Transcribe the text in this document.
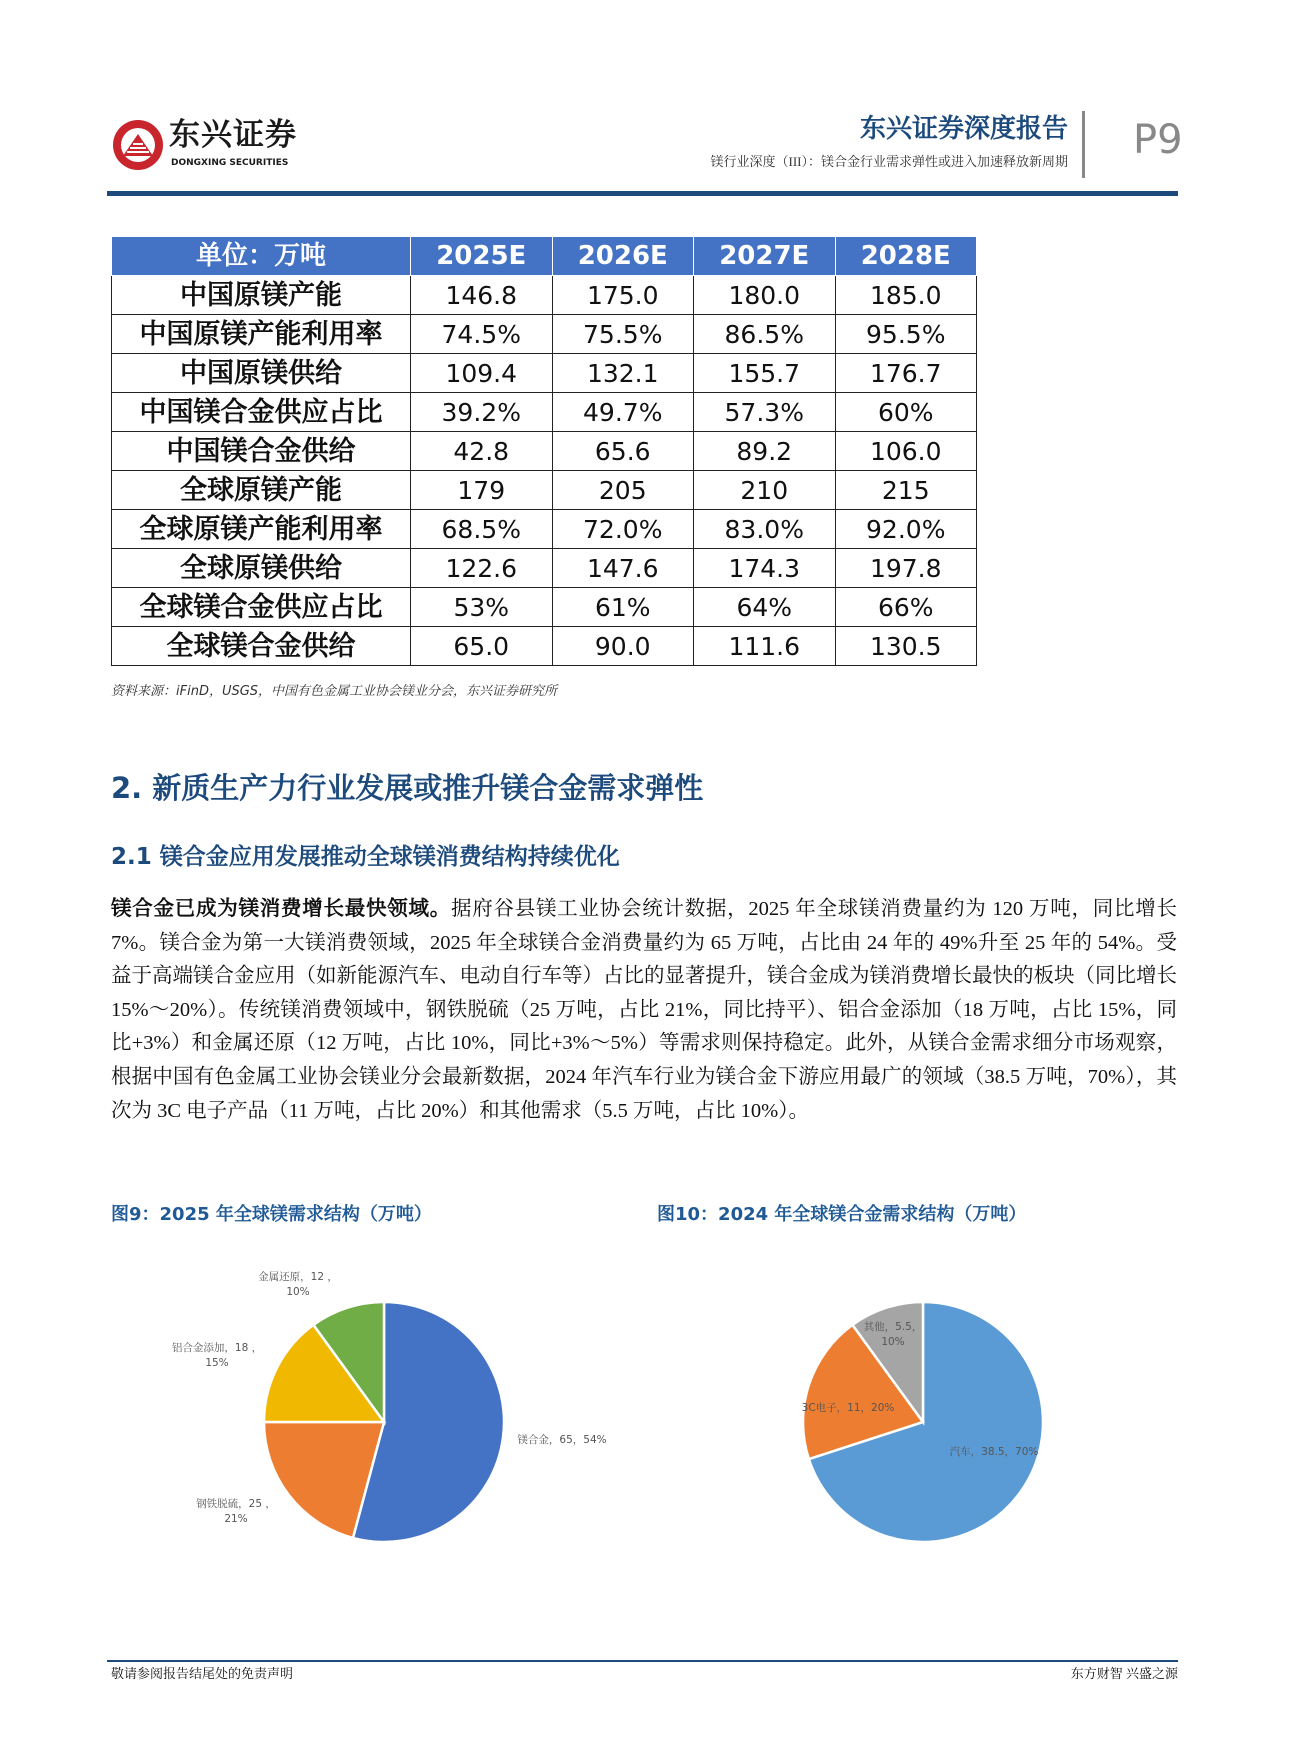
东兴证券
DONGXING SECURITIES
东兴证券深度报告
镁行业深度（III）：镁合金行业需求弹性或进入加速释放新周期 P9
单位：万吨	2025E	2026E	2027E	2028E
中国原镁产能	146.8	175.0	180.0	185.0
中国原镁产能利用率	74.5%	75.5%	86.5%	95.5%
中国原镁供给	109.4	132.1	155.7	176.7
中国镁合金供应占比	39.2%	49.7%	57.3%	60%
中国镁合金供给	42.8	65.6	89.2	106.0
全球原镁产能	179	205	210	215
全球原镁产能利用率	68.5%	72.0%	83.0%	92.0%
全球原镁供给	122.6	147.6	174.3	197.8
全球镁合金供应占比	53%	61%	64%	66%
全球镁合金供给	65.0	90.0	111.6	130.5
资料来源：iFinD，USGS，中国有色金属工业协会镁业分会，东兴证券研究所
2. 新质生产力行业发展或推升镁合金需求弹性
2.1 镁合金应用发展推动全球镁消费结构持续优化
镁合金已成为镁消费增长最快领域。据府谷县镁工业协会统计数据，2025 年全球镁消费量约为 120 万吨，同比增长 7%。镁合金为第一大镁消费领域，2025 年全球镁合金消费量约为 65 万吨，占比由 24 年的 49%升至 25 年的 54%。受益于高端镁合金应用（如新能源汽车、电动自行车等）占比的显著提升，镁合金成为镁消费增长最快的板块（同比增长 15%～20%）。传统镁消费领域中，钢铁脱硫（25 万吨，占比 21%，同比持平）、铝合金添加（18 万吨，占比 15%，同比+3%）和金属还原（12 万吨，占比 10%，同比+3%～5%）等需求则保持稳定。此外，从镁合金需求细分市场观察，根据中国有色金属工业协会镁业分会最新数据，2024 年汽车行业为镁合金下游应用最广的领域（38.5 万吨，70%），其次为 3C 电子产品（11 万吨，占比 20%）和其他需求（5.5 万吨，占比 10%）。
图9：2025 年全球镁需求结构（万吨）	图10：2024 年全球镁合金需求结构（万吨）
镁合金，65，54%
钢铁脱硫，25 ，
21%
铝合金添加，18 ，
15%
金属还原，12 ，
10%
汽车，38.5，70%
3C电子，11，20%
其他，5.5，
10%
敬请参阅报告结尾处的免责声明	东方财智 兴盛之源
